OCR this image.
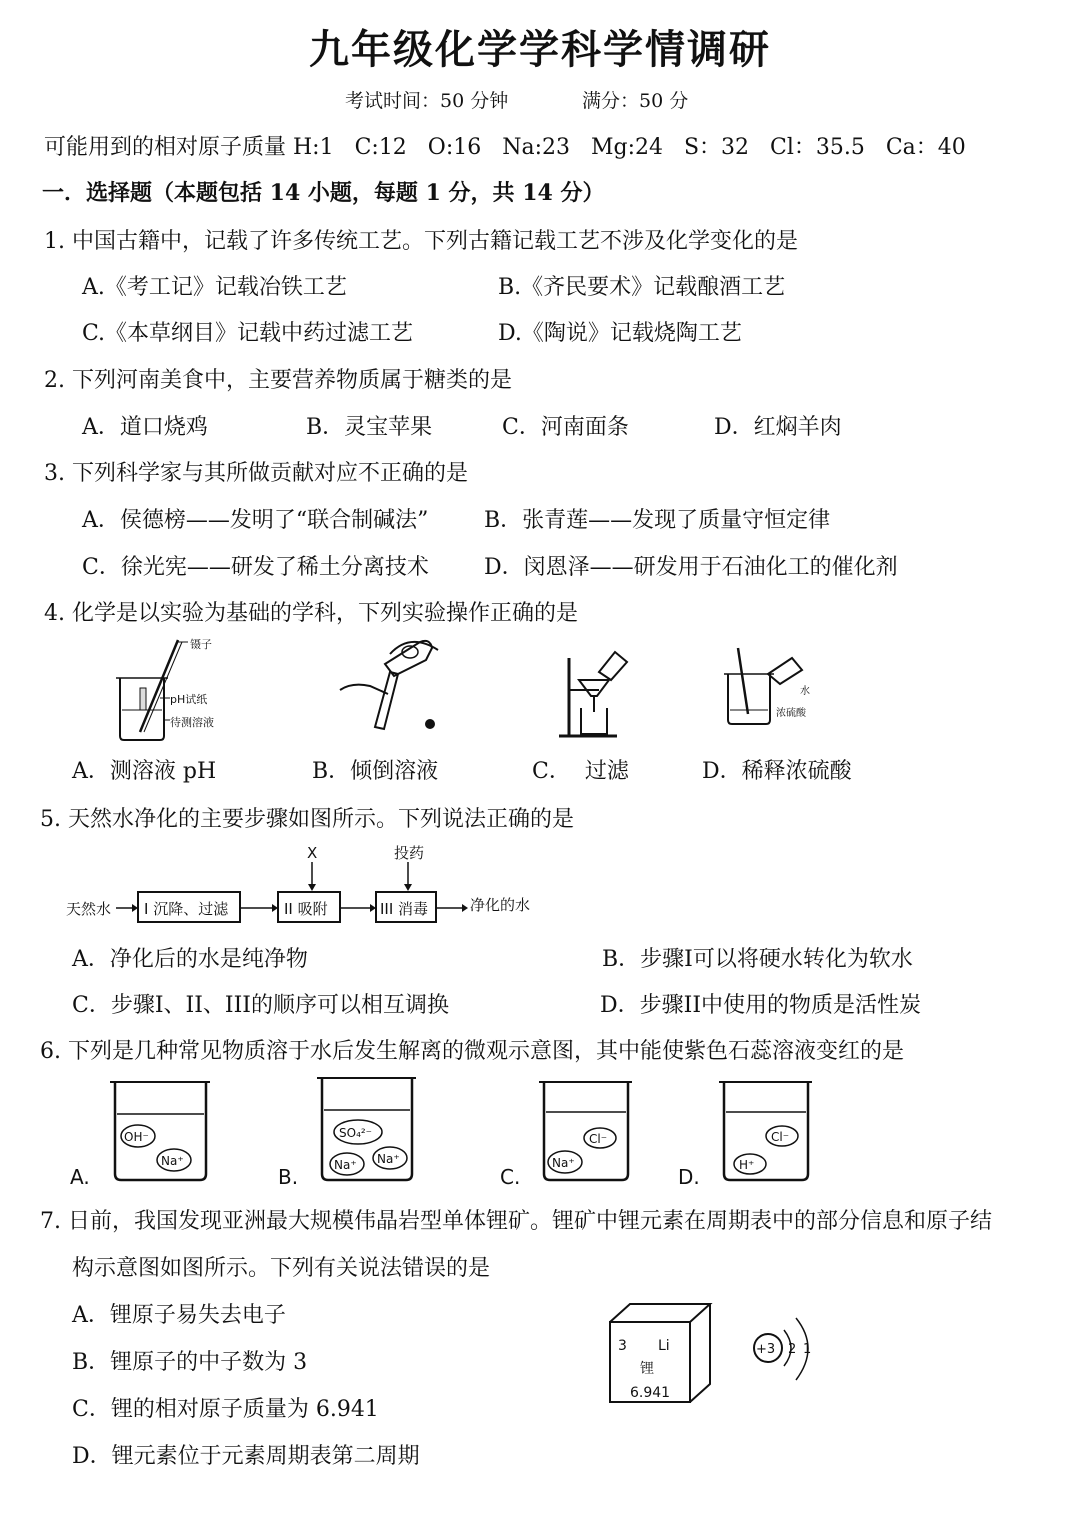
九年级化学学科学情调研
考试时间：50 分钟	满分：50 分
可能用到的相对原子质量 H:1   C:12   O:16   Na:23   Mg:24   S：32   Cl：35.5   Ca：40
一．选择题（本题包括 14 小题，每题 1 分，共 14 分）
1. 中国古籍中，记载了许多传统工艺。下列古籍记载工艺不涉及化学变化的是
A.《考工记》记载冶铁工艺	B.《齐民要术》记载酿酒工艺
C.《本草纲目》记载中药过滤工艺	D.《陶说》记载烧陶工艺
2. 下列河南美食中，主要营养物质属于糖类的是
A．道口烧鸡	B．灵宝苹果	C．河南面条	D．红焖羊肉
3. 下列科学家与其所做贡献对应不正确的是
A．侯德榜——发明了“联合制碱法”	B．张青莲——发现了质量守恒定律
C．徐光宪——研发了稀土分离技术	D．闵恩泽——研发用于石油化工的催化剂
4. 化学是以实验为基础的学科，下列实验操作正确的是
镊子
pH试纸
待测溶液
水
浓硫酸
A．测溶液 pH	B．倾倒溶液	C．  过滤	D．稀释浓硫酸
5. 天然水净化的主要步骤如图所示。下列说法正确的是
天然水 I 沉降、过滤	II 吸附	III 消毒	净化的水
X	投药
A．净化后的水是纯净物	B．步骤I可以将硬水转化为软水
C．步骤I、II、III的顺序可以相互调换	D．步骤II中使用的物质是活性炭
6. 下列是几种常见物质溶于水后发生解离的微观示意图，其中能使紫色石蕊溶液变红的是
A.
OH⁻
Na⁺
B.
SO₄²⁻
Na⁺ Na⁺
C.
Cl⁻
Na⁺
D.
Cl⁻
H⁺
7. 日前，我国发现亚洲最大规模伟晶岩型单体锂矿。锂矿中锂元素在周期表中的部分信息和原子结
构示意图如图所示。下列有关说法错误的是
A．锂原子易失去电子
B．锂原子的中子数为 3
C．锂的相对原子质量为 6.941
D．锂元素位于元素周期表第二周期
3 Li
锂
6.941
+3 2 1
